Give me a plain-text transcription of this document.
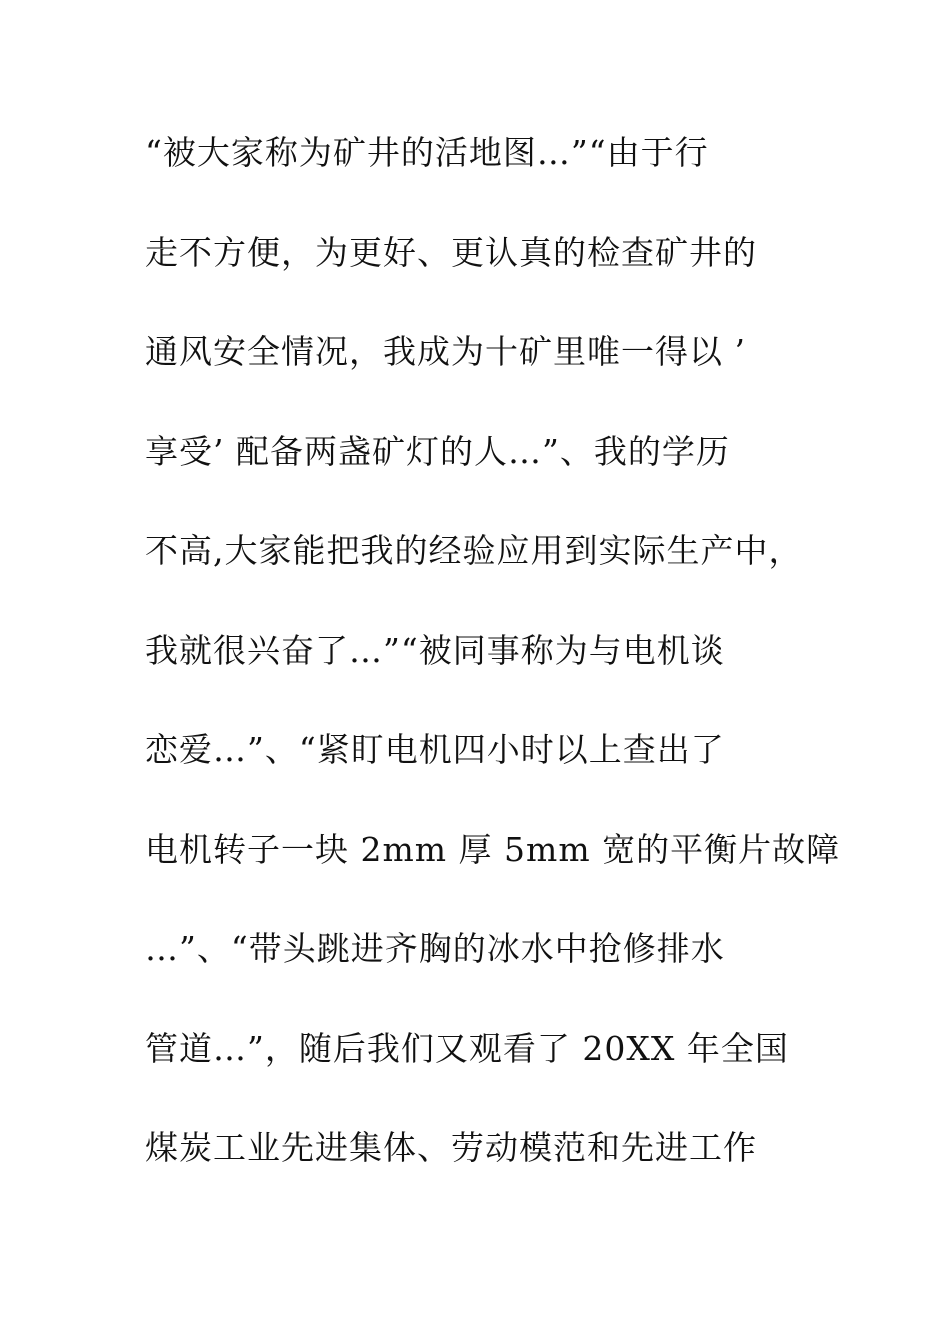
“被大家称为矿井的活地图…”“由于行
走不方便，为更好、更认真的检查矿井的
通风安全情况，我成为十矿里唯一得以 ’
享受’ 配备两盏矿灯的人…”、我的学历
不高,大家能把我的经验应用到实际生产中，
我就很兴奋了…”“被同事称为与电机谈
恋爱…”、“紧盯电机四小时以上查出了
电机转子一块 2mm 厚 5mm 宽的平衡片故障
…”、“带头跳进齐胸的冰水中抢修排水
管道…”，随后我们又观看了 20XX 年全国
煤炭工业先进集体、劳动模范和先进工作
